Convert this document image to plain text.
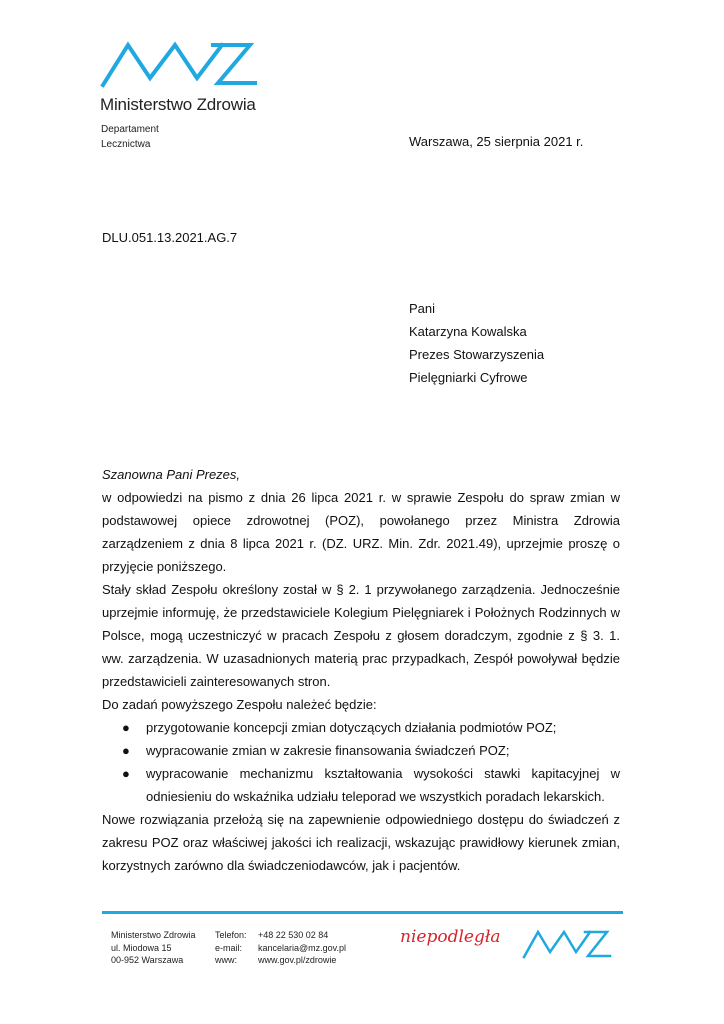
Ministerstwo Zdrowia
Departament
Lecznictwa	Warszawa, 25 sierpnia 2021 r.
DLU.051.13.2021.AG.7
Pani
Katarzyna Kowalska
Prezes Stowarzyszenia
Pielęgniarki Cyfrowe
Szanowna Pani Prezes,
w odpowiedzi na pismo z dnia 26 lipca 2021 r. w sprawie Zespołu do spraw zmian w podstawowej opiece zdrowotnej (POZ), powołanego przez Ministra Zdrowia zarządzeniem z dnia 8 lipca 2021 r. (DZ. URZ. Min. Zdr. 2021.49), uprzejmie proszę o przyjęcie poniższego.
Stały skład Zespołu określony został w § 2. 1 przywołanego zarządzenia. Jednocześnie uprzejmie informuję, że przedstawiciele Kolegium Pielęgniarek i Położnych Rodzinnych w Polsce, mogą uczestniczyć w pracach Zespołu z głosem doradczym, zgodnie z § 3. 1. ww. zarządzenia. W uzasadnionych materią prac przypadkach, Zespół powoływał będzie przedstawicieli zainteresowanych stron.
Do zadań powyższego Zespołu należeć będzie:
● przygotowanie koncepcji zmian dotyczących działania podmiotów POZ;
● wypracowanie zmian w zakresie finansowania świadczeń POZ;
● wypracowanie mechanizmu kształtowania wysokości stawki kapitacyjnej w odniesieniu do wskaźnika udziału teleporad we wszystkich poradach lekarskich.
Nowe rozwiązania przełożą się na zapewnienie odpowiedniego dostępu do świadczeń z zakresu POZ oraz właściwej jakości ich realizacji, wskazując prawidłowy kierunek zmian, korzystnych zarówno dla świadczeniodawców, jak i pacjentów.
Ministerstwo Zdrowia
ul. Miodowa 15
00-952 Warszawa
Telefon:	+48 22 530 02 84
e-mail:	kancelaria@mz.gov.pl
www:	www.gov.pl/zdrowie
niepodległa
